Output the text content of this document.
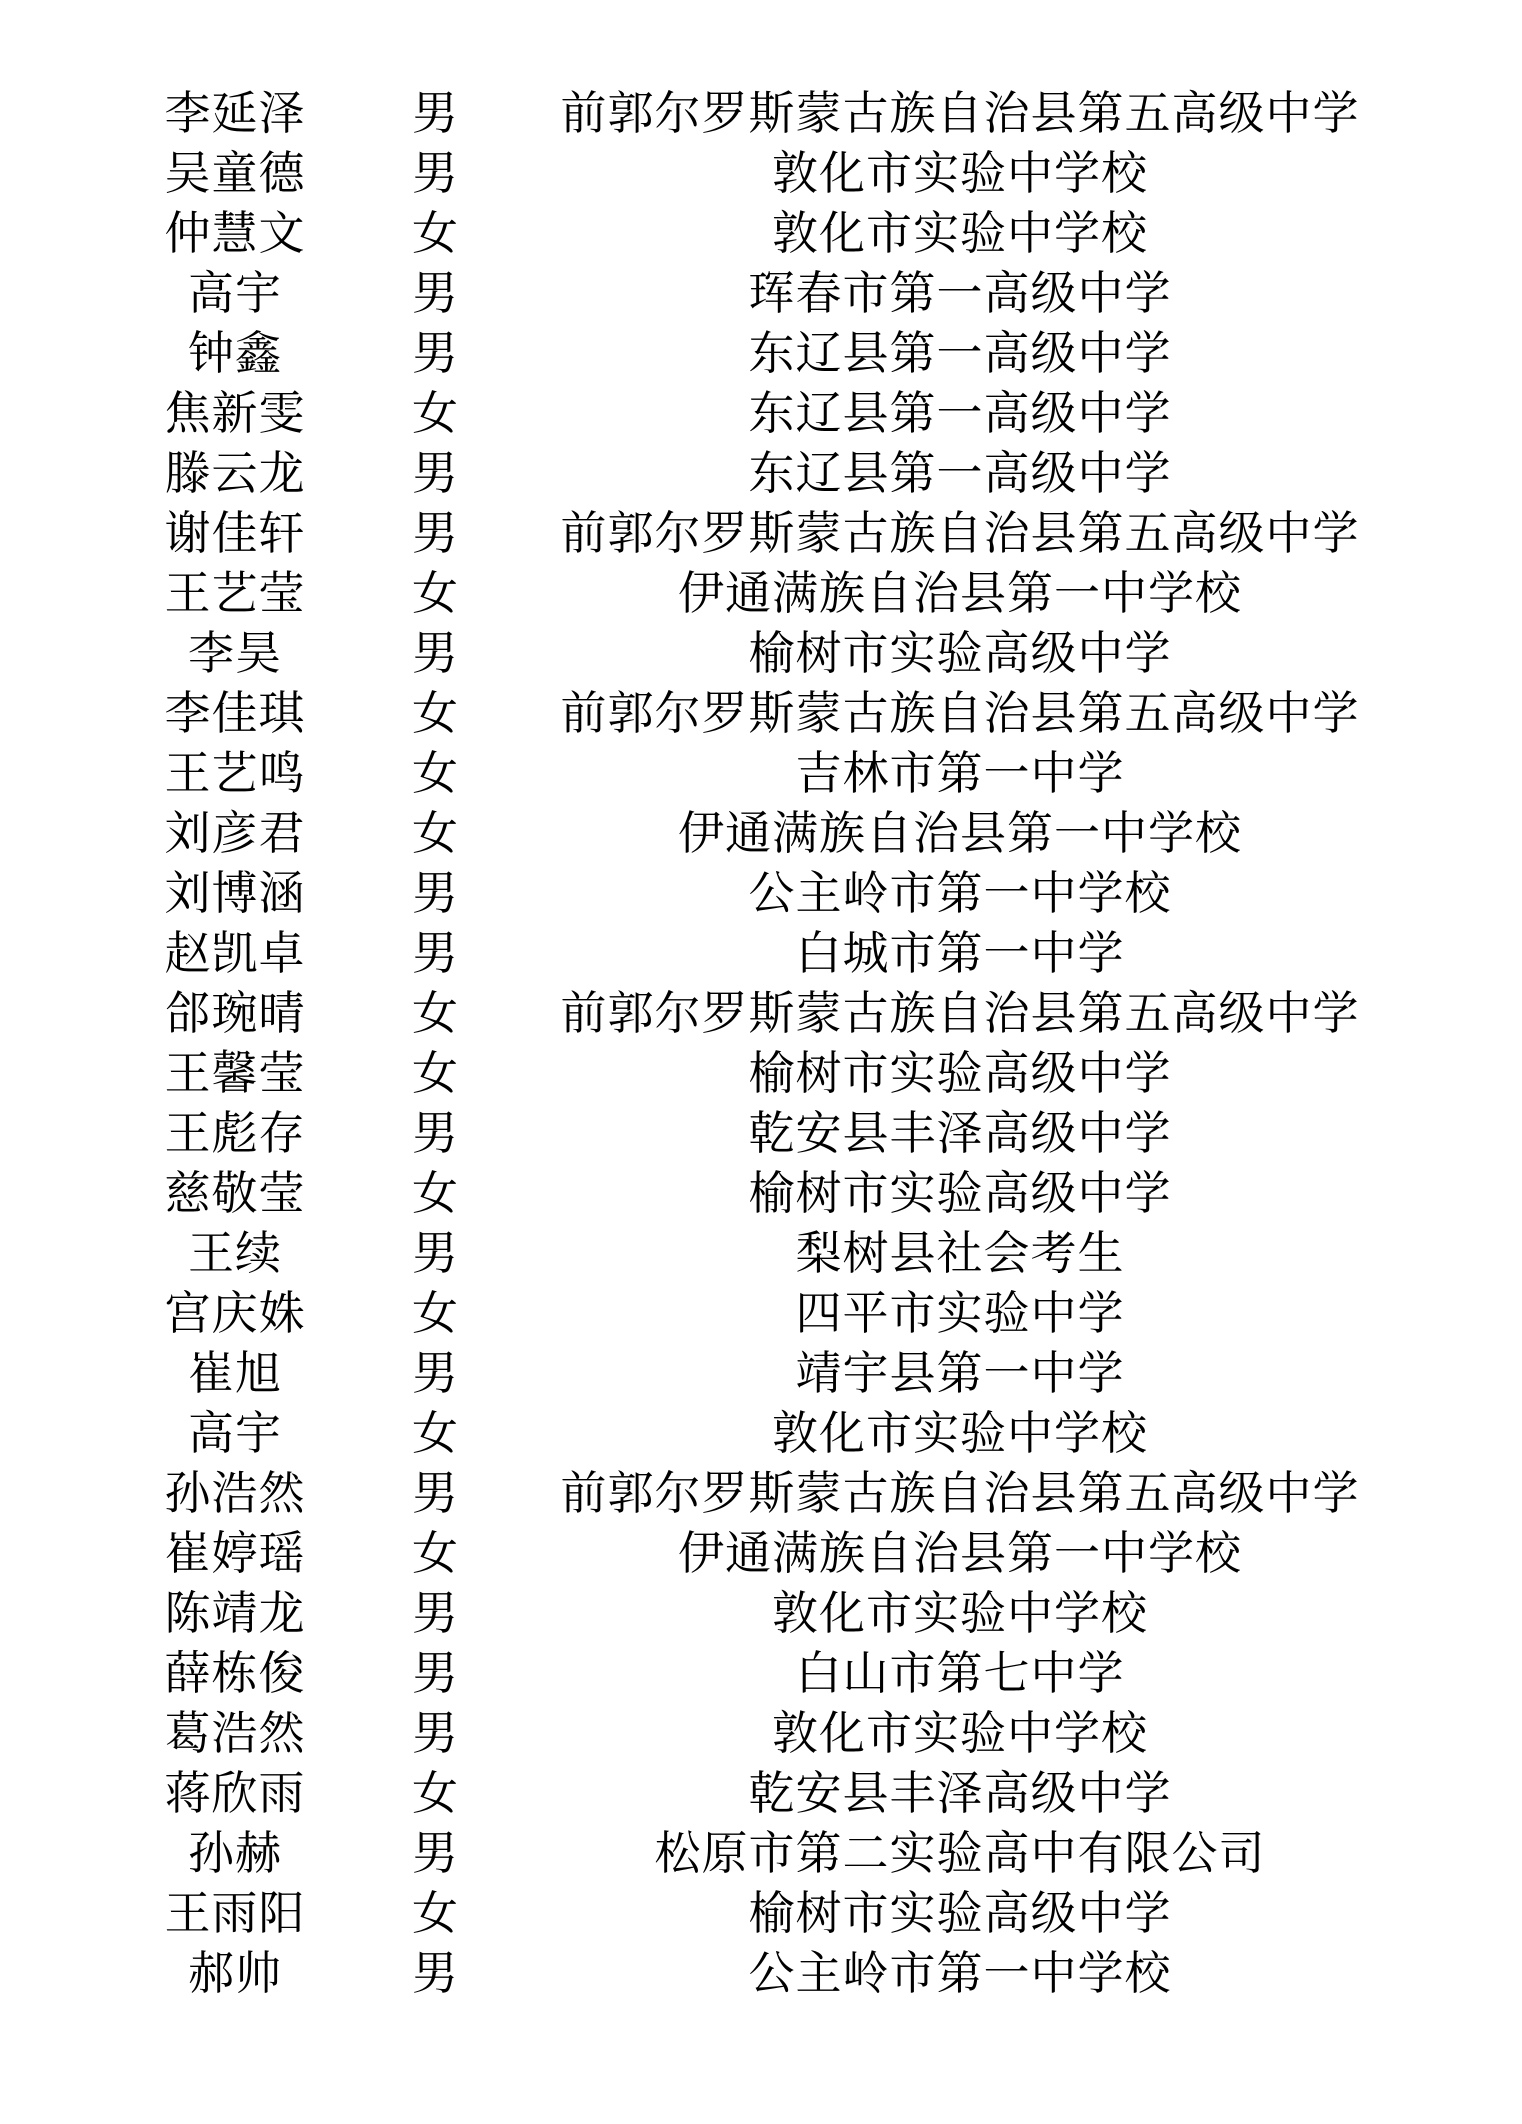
李延泽	男	前郭尔罗斯蒙古族自治县第五高级中学
吴童德	男	敦化市实验中学校
仲慧文	女	敦化市实验中学校
高宇	男	珲春市第一高级中学
钟鑫	男	东辽县第一高级中学
焦新雯	女	东辽县第一高级中学
滕云龙	男	东辽县第一高级中学
谢佳轩	男	前郭尔罗斯蒙古族自治县第五高级中学
王艺莹	女	伊通满族自治县第一中学校
李昊	男	榆树市实验高级中学
李佳琪	女	前郭尔罗斯蒙古族自治县第五高级中学
王艺鸣	女	吉林市第一中学
刘彦君	女	伊通满族自治县第一中学校
刘博涵	男	公主岭市第一中学校
赵凯卓	男	白城市第一中学
郃琬晴	女	前郭尔罗斯蒙古族自治县第五高级中学
王馨莹	女	榆树市实验高级中学
王彪存	男	乾安县丰泽高级中学
慈敬莹	女	榆树市实验高级中学
王续	男	梨树县社会考生
宫庆姝	女	四平市实验中学
崔旭	男	靖宇县第一中学
高宇	女	敦化市实验中学校
孙浩然	男	前郭尔罗斯蒙古族自治县第五高级中学
崔婷瑶	女	伊通满族自治县第一中学校
陈靖龙	男	敦化市实验中学校
薛栋俊	男	白山市第七中学
葛浩然	男	敦化市实验中学校
蒋欣雨	女	乾安县丰泽高级中学
孙赫	男	松原市第二实验高中有限公司
王雨阳	女	榆树市实验高级中学
郝帅	男	公主岭市第一中学校
